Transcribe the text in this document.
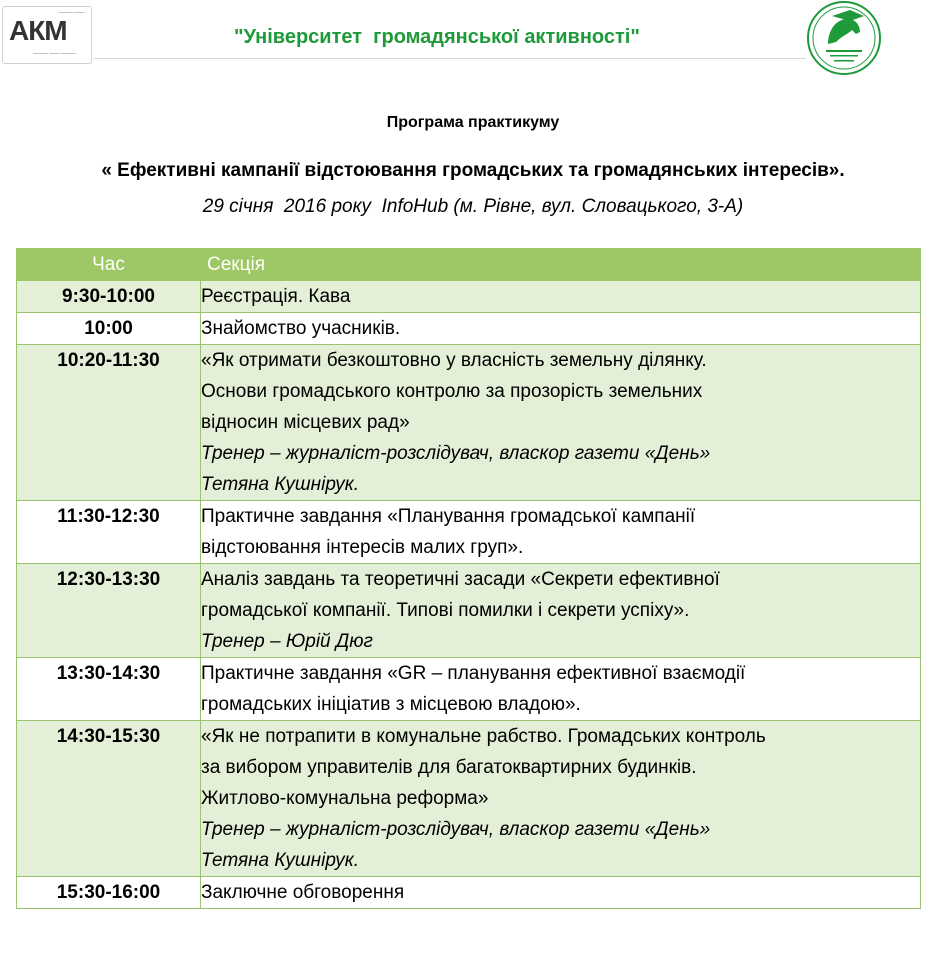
АКМ
——— ——
——— —— ———
"Університет  громадянської активності"
Програма практикуму
« Ефективні кампанії відстоювання громадських та громадянських інтересів».
29 січня  2016 року  InfoHub (м. Рівне, вул. Словацького, 3-А)
Час	Секція
9:30-10:00	Реєстрація. Кава

10:00	Знайомство учасників.

10:20-11:30	«Як отримати безкоштовно у власність земельну ділянку.
Основи громадського контролю за прозорість земельних
відносин місцевих рад»
Тренер – журналіст-розслідувач, власкор газети «День»
Тетяна Кушнірук.

11:30-12:30	Практичне завдання «Планування громадської кампанії
відстоювання інтересів малих груп».

12:30-13:30	Аналіз завдань та теоретичні засади «Секрети ефективної
громадської компанії. Типові помилки і секрети успіху».
Тренер – Юрій Дюг

13:30-14:30	Практичне завдання «GR – планування ефективної взаємодії
громадських ініціатив з місцевою владою».

14:30-15:30	«Як не потрапити в комунальне рабство. Громадських контроль
за вибором управителів для багатоквартирних будинків.
Житлово-комунальна реформа»
Тренер – журналіст-розслідувач, власкор газети «День»
Тетяна Кушнірук.

15:30-16:00	Заключне обговорення
